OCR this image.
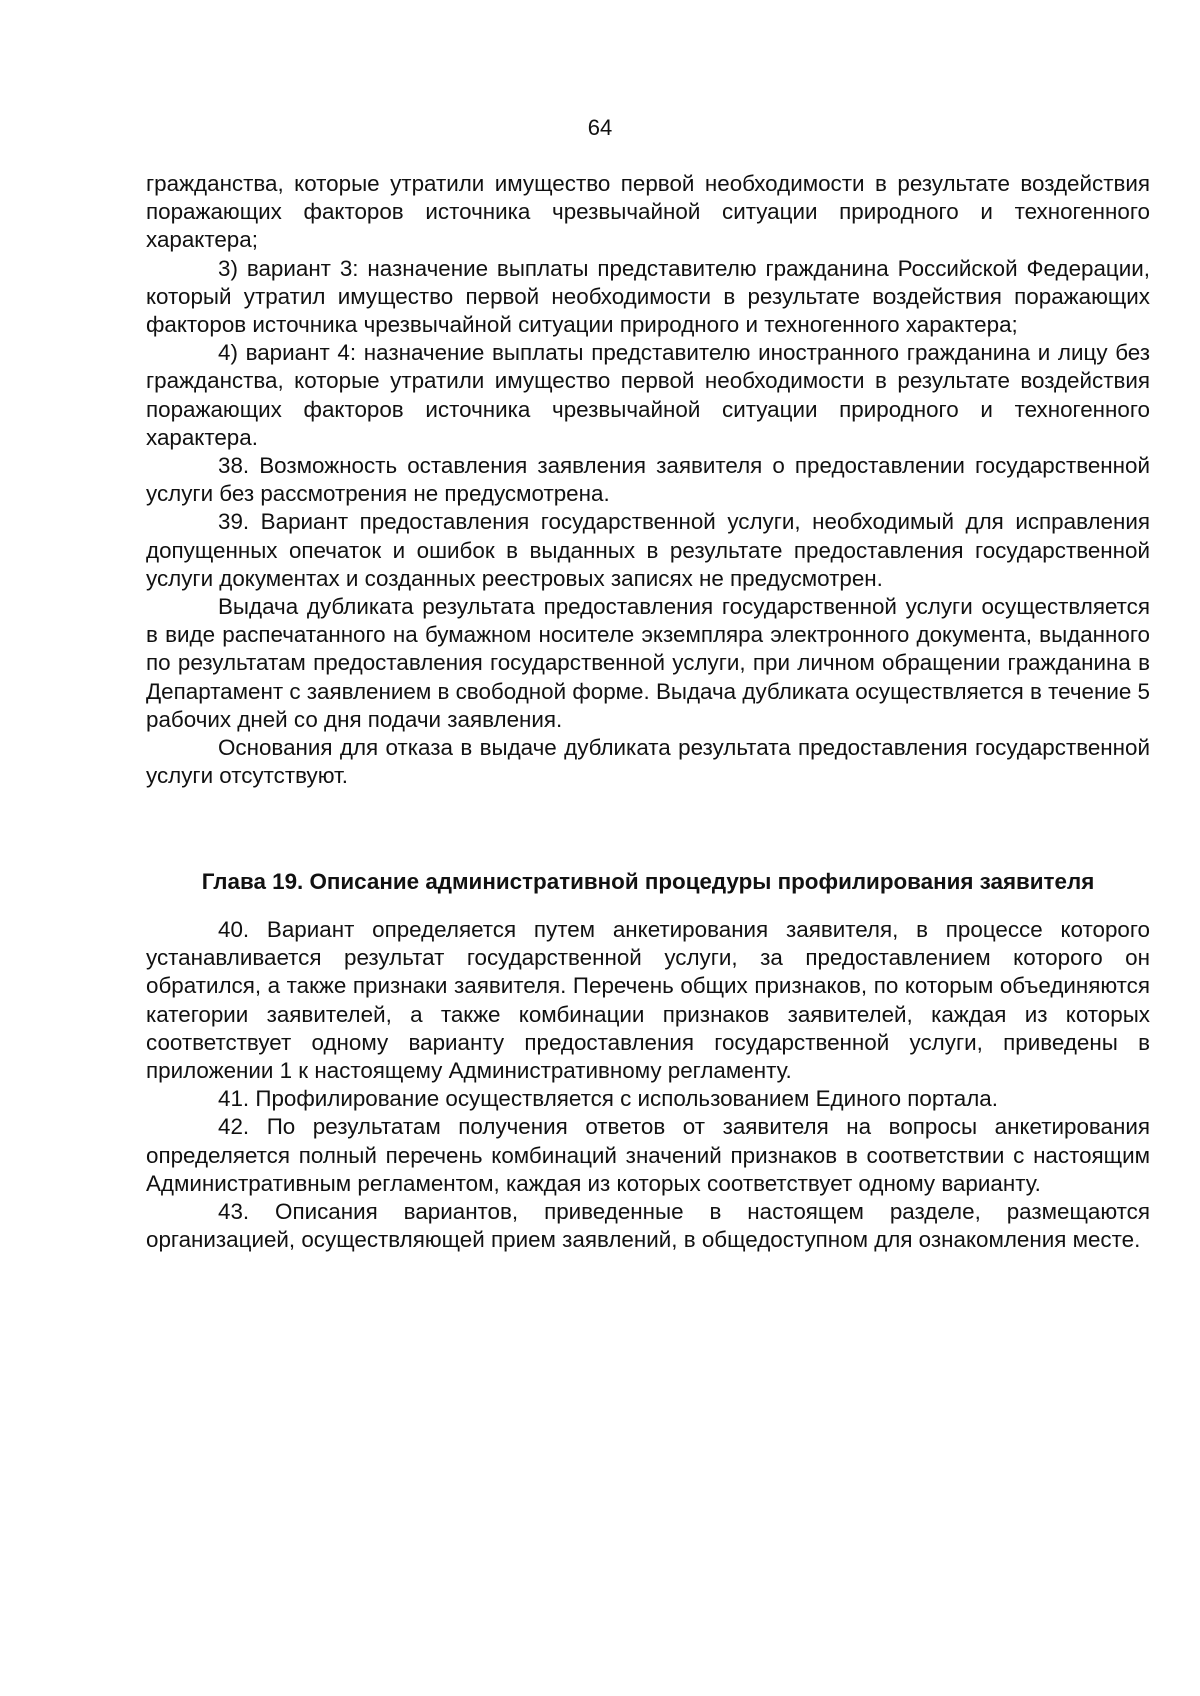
64

гражданства, которые утратили имущество первой необходимости в результате воздействия поражающих факторов источника чрезвычайной ситуации природного и техногенного характера;

3) вариант 3: назначение выплаты представителю гражданина Российской Федерации, который утратил имущество первой необходимости в результате воздействия поражающих факторов источника чрезвычайной ситуации природного и техногенного характера;

4) вариант 4: назначение выплаты представителю иностранного гражданина и лицу без гражданства, которые утратили имущество первой необходимости в результате воздействия поражающих факторов источника чрезвычайной ситуации природного и техногенного характера.

38. Возможность оставления заявления заявителя о предоставлении государственной услуги без рассмотрения не предусмотрена.

39. Вариант предоставления государственной услуги, необходимый для исправления допущенных опечаток и ошибок в выданных в результате предоставления государственной услуги документах и созданных реестровых записях не предусмотрен.

Выдача дубликата результата предоставления государственной услуги осуществляется в виде распечатанного на бумажном носителе экземпляра электронного документа, выданного по результатам предоставления государственной услуги, при личном обращении гражданина в Департамент с заявлением в свободной форме. Выдача дубликата осуществляется в течение 5 рабочих дней со дня подачи заявления.

Основания для отказа в выдаче дубликата результата предоставления государственной услуги отсутствуют.

Глава 19. Описание административной процедуры профилирования заявителя

40. Вариант определяется путем анкетирования заявителя, в процессе которого устанавливается результат государственной услуги, за предоставлением которого он обратился, а также признаки заявителя. Перечень общих признаков, по которым объединяются категории заявителей, а также комбинации признаков заявителей, каждая из которых соответствует одному варианту предоставления государственной услуги, приведены в приложении 1 к настоящему Административному регламенту.

41. Профилирование осуществляется с использованием Единого портала.

42. По результатам получения ответов от заявителя на вопросы анкетирования определяется полный перечень комбинаций значений признаков в соответствии с настоящим Административным регламентом, каждая из которых соответствует одному варианту.

43. Описания вариантов, приведенные в настоящем разделе, размещаются организацией, осуществляющей прием заявлений, в общедоступном для ознакомления месте.
